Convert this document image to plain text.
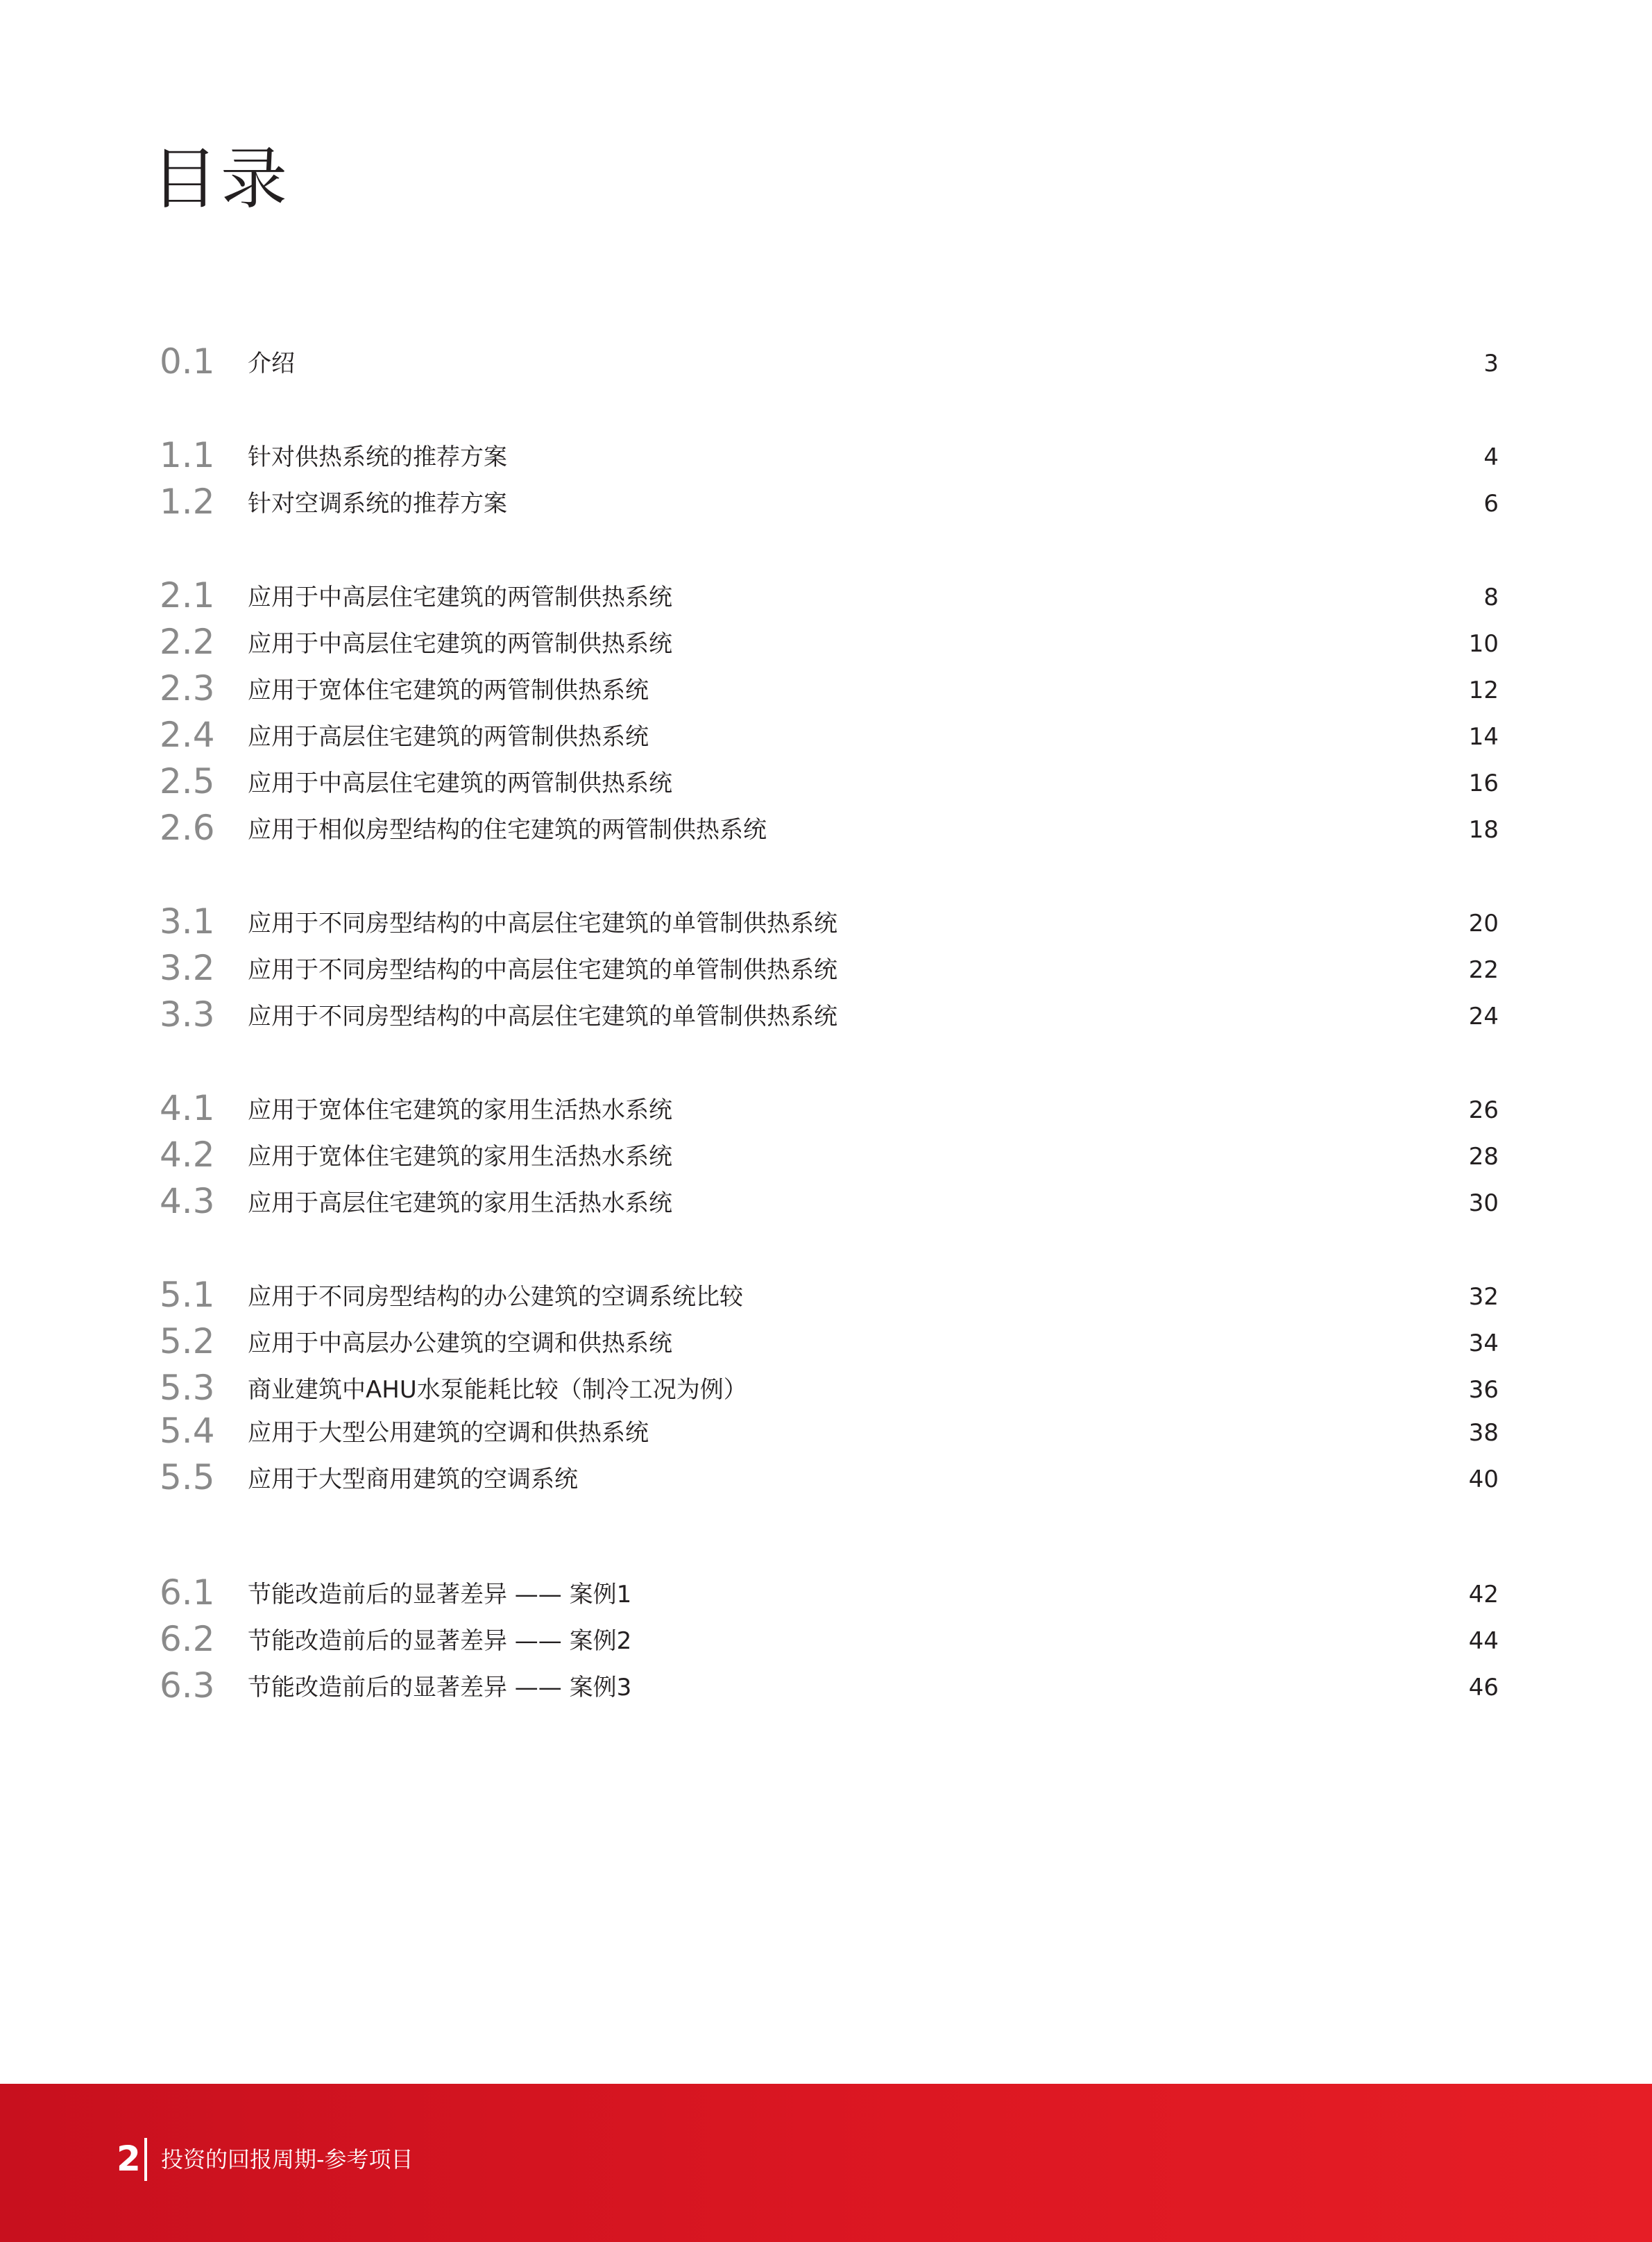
目录
0.1 介绍	3
1.1 针对供热系统的推荐方案	4
1.2 针对空调系统的推荐方案	6
2.1 应用于中高层住宅建筑的两管制供热系统	8
2.2 应用于中高层住宅建筑的两管制供热系统	10
2.3 应用于宽体住宅建筑的两管制供热系统	12
2.4 应用于高层住宅建筑的两管制供热系统	14
2.5 应用于中高层住宅建筑的两管制供热系统	16
2.6 应用于相似房型结构的住宅建筑的两管制供热系统	18
3.1 应用于不同房型结构的中高层住宅建筑的单管制供热系统	20
3.2 应用于不同房型结构的中高层住宅建筑的单管制供热系统	22
3.3 应用于不同房型结构的中高层住宅建筑的单管制供热系统	24
4.1 应用于宽体住宅建筑的家用生活热水系统	26
4.2 应用于宽体住宅建筑的家用生活热水系统	28
4.3 应用于高层住宅建筑的家用生活热水系统	30
5.1 应用于不同房型结构的办公建筑的空调系统比较	32
5.2 应用于中高层办公建筑的空调和供热系统	34
5.3 商业建筑中AHU水泵能耗比较（制冷工况为例）	36
5.4 应用于大型公用建筑的空调和供热系统	38
5.5 应用于大型商用建筑的空调系统	40
6.1 节能改造前后的显著差异 —— 案例1	42
6.2 节能改造前后的显著差异 —— 案例2	44
6.3 节能改造前后的显著差异 —— 案例3	46
2 投资的回报周期-参考项目
